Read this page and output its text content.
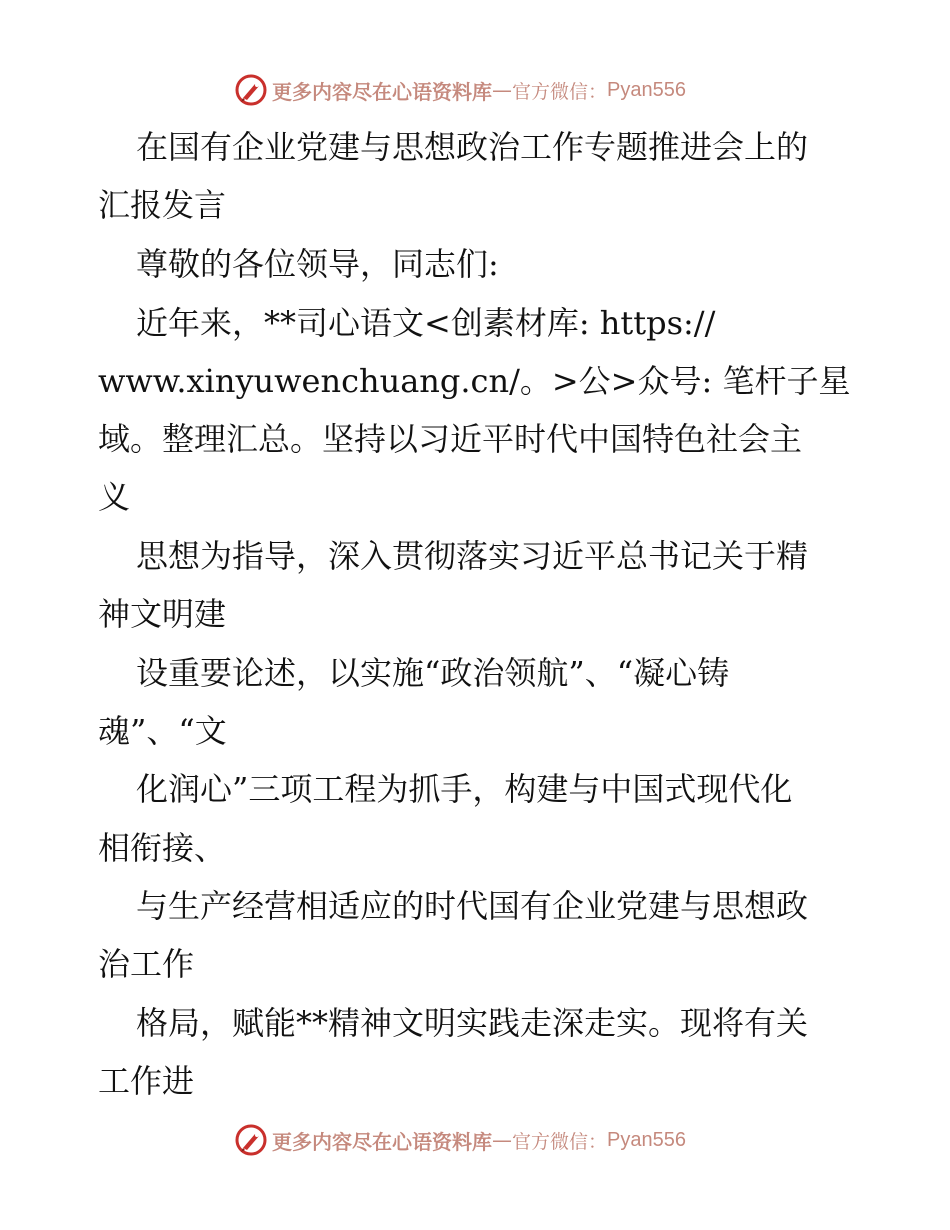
更多内容尽在心语资料库 — 官方微信： Pyan556
在国有企业党建与思想政治工作专题推进会上的
汇报发言
尊敬的各位领导，同志们:
近年来，**司心语文<创素材库: https://
www.xinyuwenchuang.cn/。>公>众号: 笔杆子星
域。整理汇总。坚持以习近平时代中国特色社会主
义
思想为指导，深入贯彻落实习近平总书记关于精
神文明建
设重要论述，以实施“政治领航”、“凝心铸
魂”、“文
化润心”三项工程为抓手，构建与中国式现代化
相衔接、
与生产经营相适应的时代国有企业党建与思想政
治工作
格局，赋能**精神文明实践走深走实。现将有关
工作进
更多内容尽在心语资料库 — 官方微信： Pyan556
